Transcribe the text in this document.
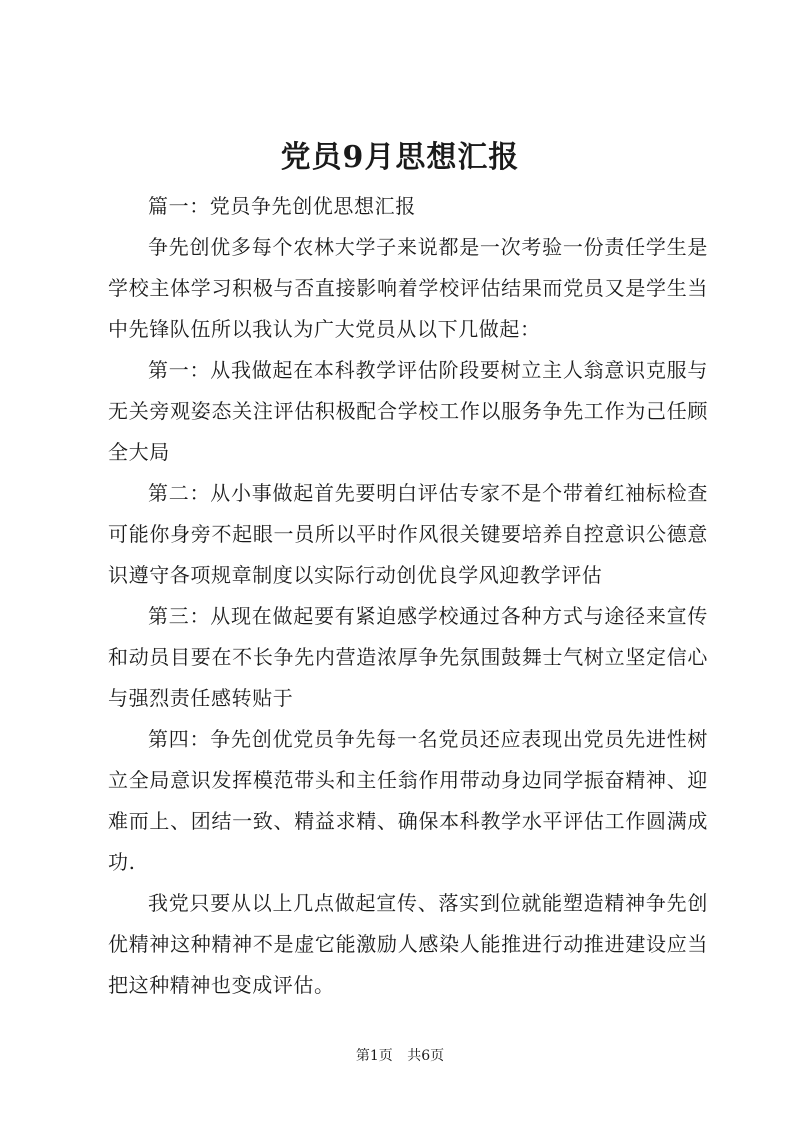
党员9月思想汇报

篇一：党员争先创优思想汇报

争先创优多每个农林大学子来说都是一次考验一份责任学生是学校主体学习积极与否直接影响着学校评估结果而党员又是学生当中先锋队伍所以我认为广大党员从以下几做起：

第一：从我做起在本科教学评估阶段要树立主人翁意识克服与无关旁观姿态关注评估积极配合学校工作以服务争先工作为己任顾全大局

第二：从小事做起首先要明白评估专家不是个带着红袖标检查可能你身旁不起眼一员所以平时作风很关键要培养自控意识公德意识遵守各项规章制度以实际行动创优良学风迎教学评估

第三：从现在做起要有紧迫感学校通过各种方式与途径来宣传和动员目要在不长争先内营造浓厚争先氛围鼓舞士气树立坚定信心与强烈责任感转贴于

第四：争先创优党员争先每一名党员还应表现出党员先进性树立全局意识发挥模范带头和主任翁作用带动身边同学振奋精神、迎难而上、团结一致、精益求精、确保本科教学水平评估工作圆满成功.

我党只要从以上几点做起宣传、落实到位就能塑造精神争先创优精神这种精神不是虚它能激励人感染人能推进行动推进建设应当把这种精神也变成评估。

第1页 共6页
